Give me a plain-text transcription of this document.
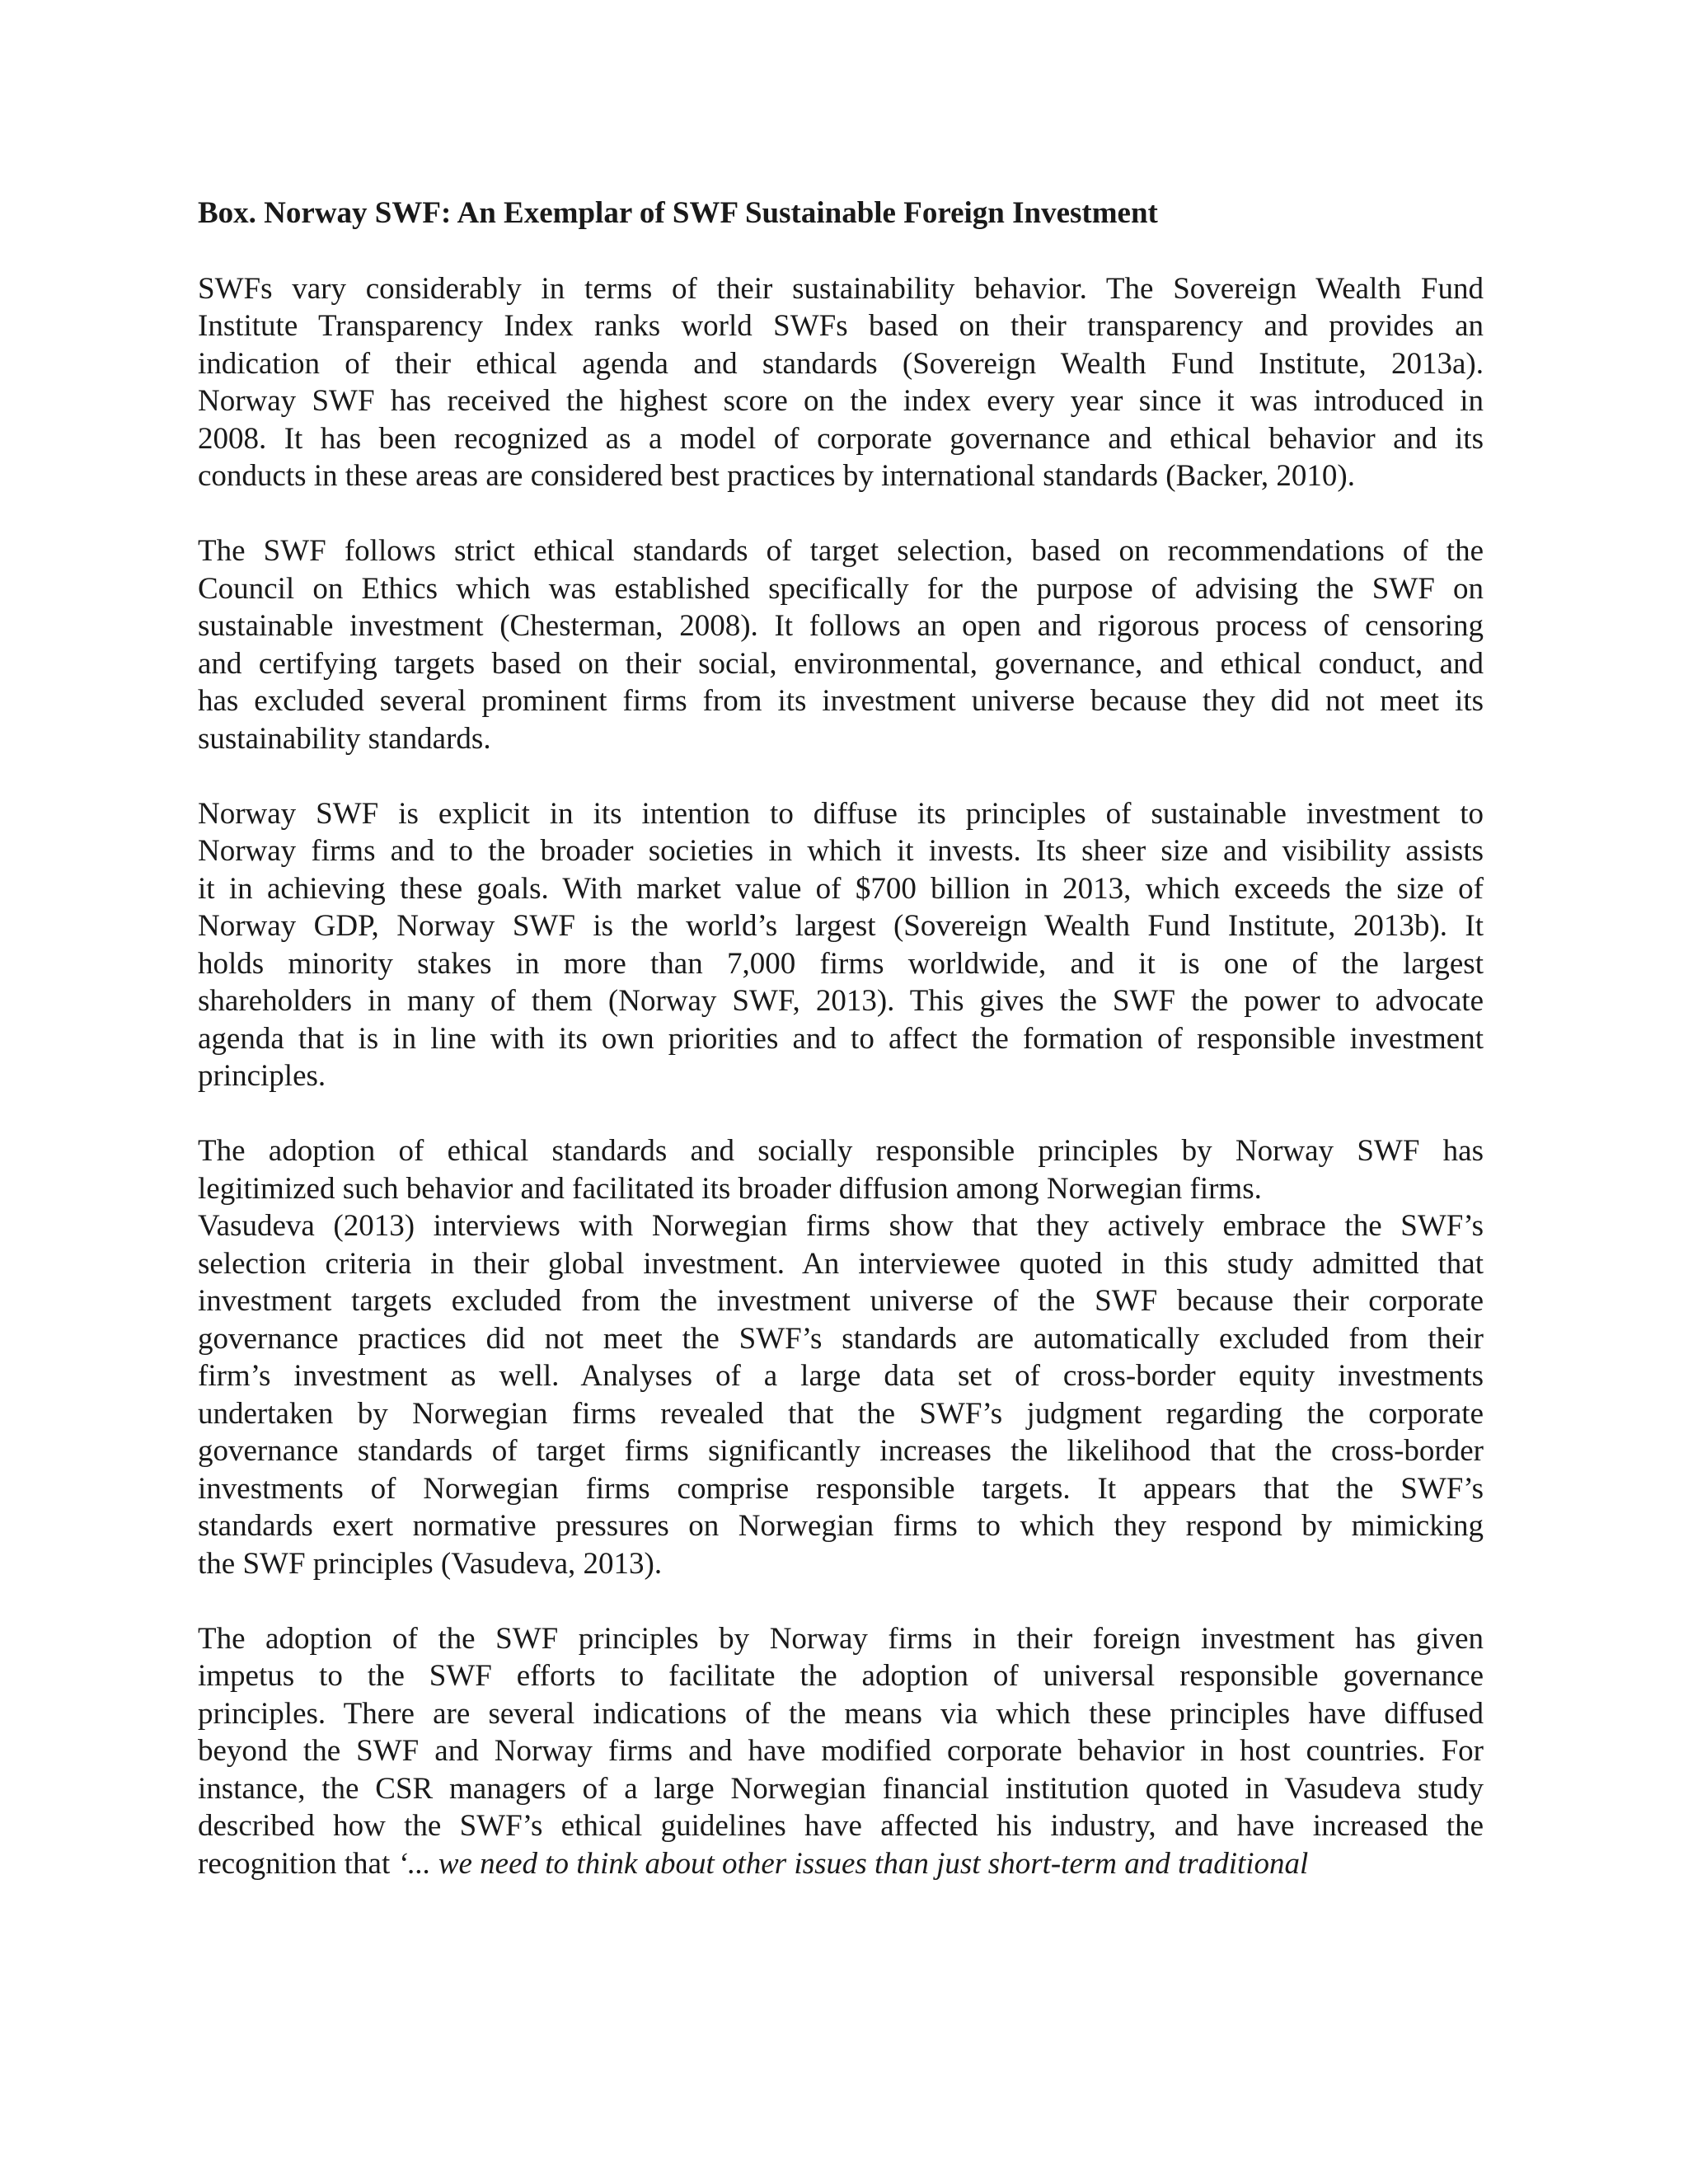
Box. Norway SWF: An Exemplar of SWF Sustainable Foreign Investment
SWFs vary considerably in terms of their sustainability behavior. The Sovereign Wealth Fund
Institute Transparency Index ranks world SWFs based on their transparency and provides an
indication of their ethical agenda and standards (Sovereign Wealth Fund Institute, 2013a).
Norway SWF has received the highest score on the index every year since it was introduced in
2008. It has been recognized as a model of corporate governance and ethical behavior and its
conducts in these areas are considered best practices by international standards (Backer, 2010).
The SWF follows strict ethical standards of target selection, based on recommendations of the
Council on Ethics which was established specifically for the purpose of advising the SWF on
sustainable investment (Chesterman, 2008). It follows an open and rigorous process of censoring
and certifying targets based on their social, environmental, governance, and ethical conduct, and
has excluded several prominent firms from its investment universe because they did not meet its
sustainability standards.
Norway SWF is explicit in its intention to diffuse its principles of sustainable investment to
Norway firms and to the broader societies in which it invests. Its sheer size and visibility assists
it in achieving these goals. With market value of $700 billion in 2013, which exceeds the size of
Norway GDP, Norway SWF is the world’s largest (Sovereign Wealth Fund Institute, 2013b). It
holds minority stakes in more than 7,000 firms worldwide, and it is one of the largest
shareholders in many of them (Norway SWF, 2013). This gives the SWF the power to advocate
agenda that is in line with its own priorities and to affect the formation of responsible investment
principles.
The adoption of ethical standards and socially responsible principles by Norway SWF has
legitimized such behavior and facilitated its broader diffusion among Norwegian firms.
Vasudeva (2013) interviews with Norwegian firms show that they actively embrace the SWF’s
selection criteria in their global investment. An interviewee quoted in this study admitted that
investment targets excluded from the investment universe of the SWF because their corporate
governance practices did not meet the SWF’s standards are automatically excluded from their
firm’s investment as well. Analyses of a large data set of cross-border equity investments
undertaken by Norwegian firms revealed that the SWF’s judgment regarding the corporate
governance standards of target firms significantly increases the likelihood that the cross-border
investments of Norwegian firms comprise responsible targets. It appears that the SWF’s
standards exert normative pressures on Norwegian firms to which they respond by mimicking
the SWF principles (Vasudeva, 2013).
The adoption of the SWF principles by Norway firms in their foreign investment has given
impetus to the SWF efforts to facilitate the adoption of universal responsible governance
principles. There are several indications of the means via which these principles have diffused
beyond the SWF and Norway firms and have modified corporate behavior in host countries. For
instance, the CSR managers of a large Norwegian financial institution quoted in Vasudeva study
described how the SWF’s ethical guidelines have affected his industry, and have increased the
recognition that ‘... we need to think about other issues than just short-term and traditional
